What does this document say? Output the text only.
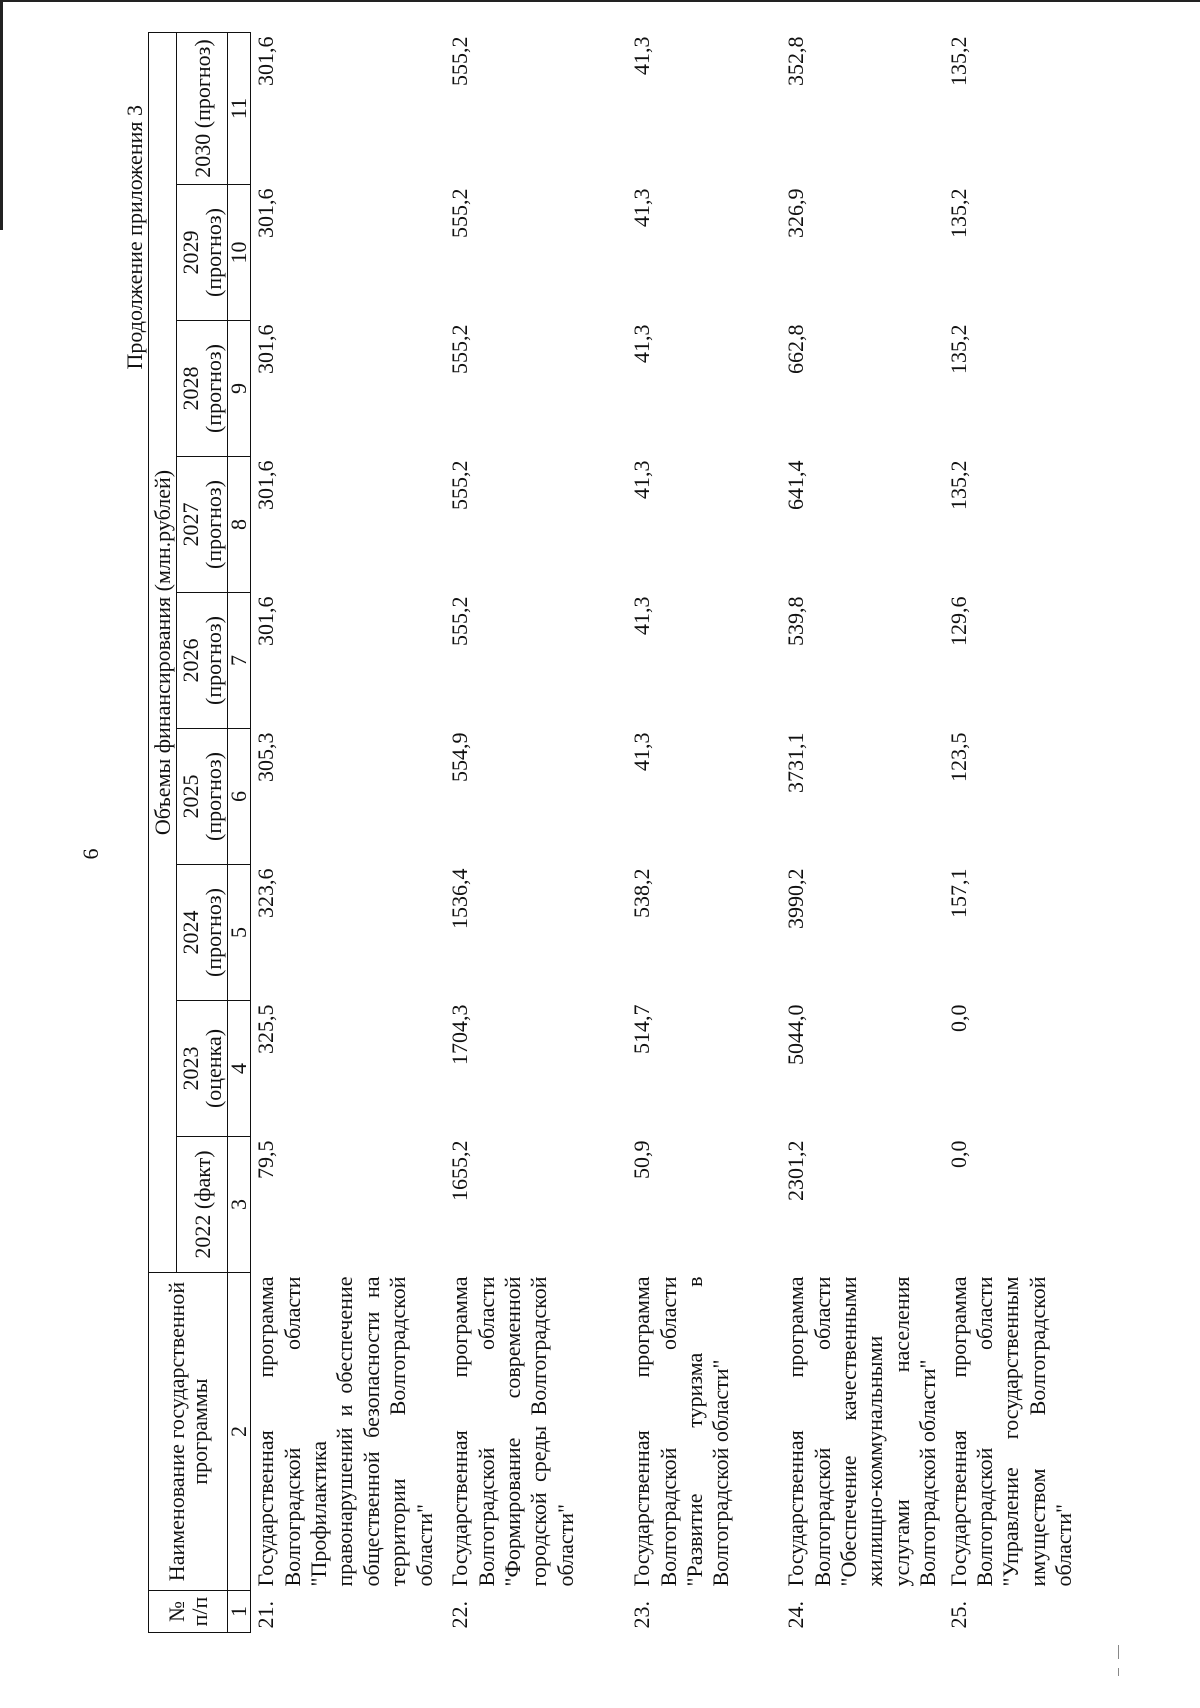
6
Продолжение приложения 3
№ п/п	Наименование государственной программы	Объемы финансирования (млн.рублей)								
		2022 (факт)	2023 (оценка)	2024 (прогноз)	2025 (прогноз)	2026 (прогноз)	2027 (прогноз)	2028 (прогноз)	2029 (прогноз)	2030 (прогноз)
1	2	3	4	5	6	7	8	9	10	11
21.	Государственная программа Волгоградской области "Профилактика правонарушений и обеспечение общественной безопасности на территории Волгоградской области"	79,5	325,5	323,6	305,3	301,6	301,6	301,6	301,6	301,6
22.	Государственная программа Волгоградской области "Формирование современной городской среды Волгоградской области"	1655,2	1704,3	1536,4	554,9	555,2	555,2	555,2	555,2	555,2
23.	Государственная программа Волгоградской области "Развитие туризма в Волгоградской области"	50,9	514,7	538,2	41,3	41,3	41,3	41,3	41,3	41,3
24.	Государственная программа Волгоградской области "Обеспечение качественными жилищно-коммунальными услугами населения Волгоградской области"	2301,2	5044,0	3990,2	3731,1	539,8	641,4	662,8	326,9	352,8
25.	Государственная программа Волгоградской области "Управление государственным имуществом Волгоградской области"	0,0	0,0	157,1	123,5	129,6	135,2	135,2	135,2	135,2
